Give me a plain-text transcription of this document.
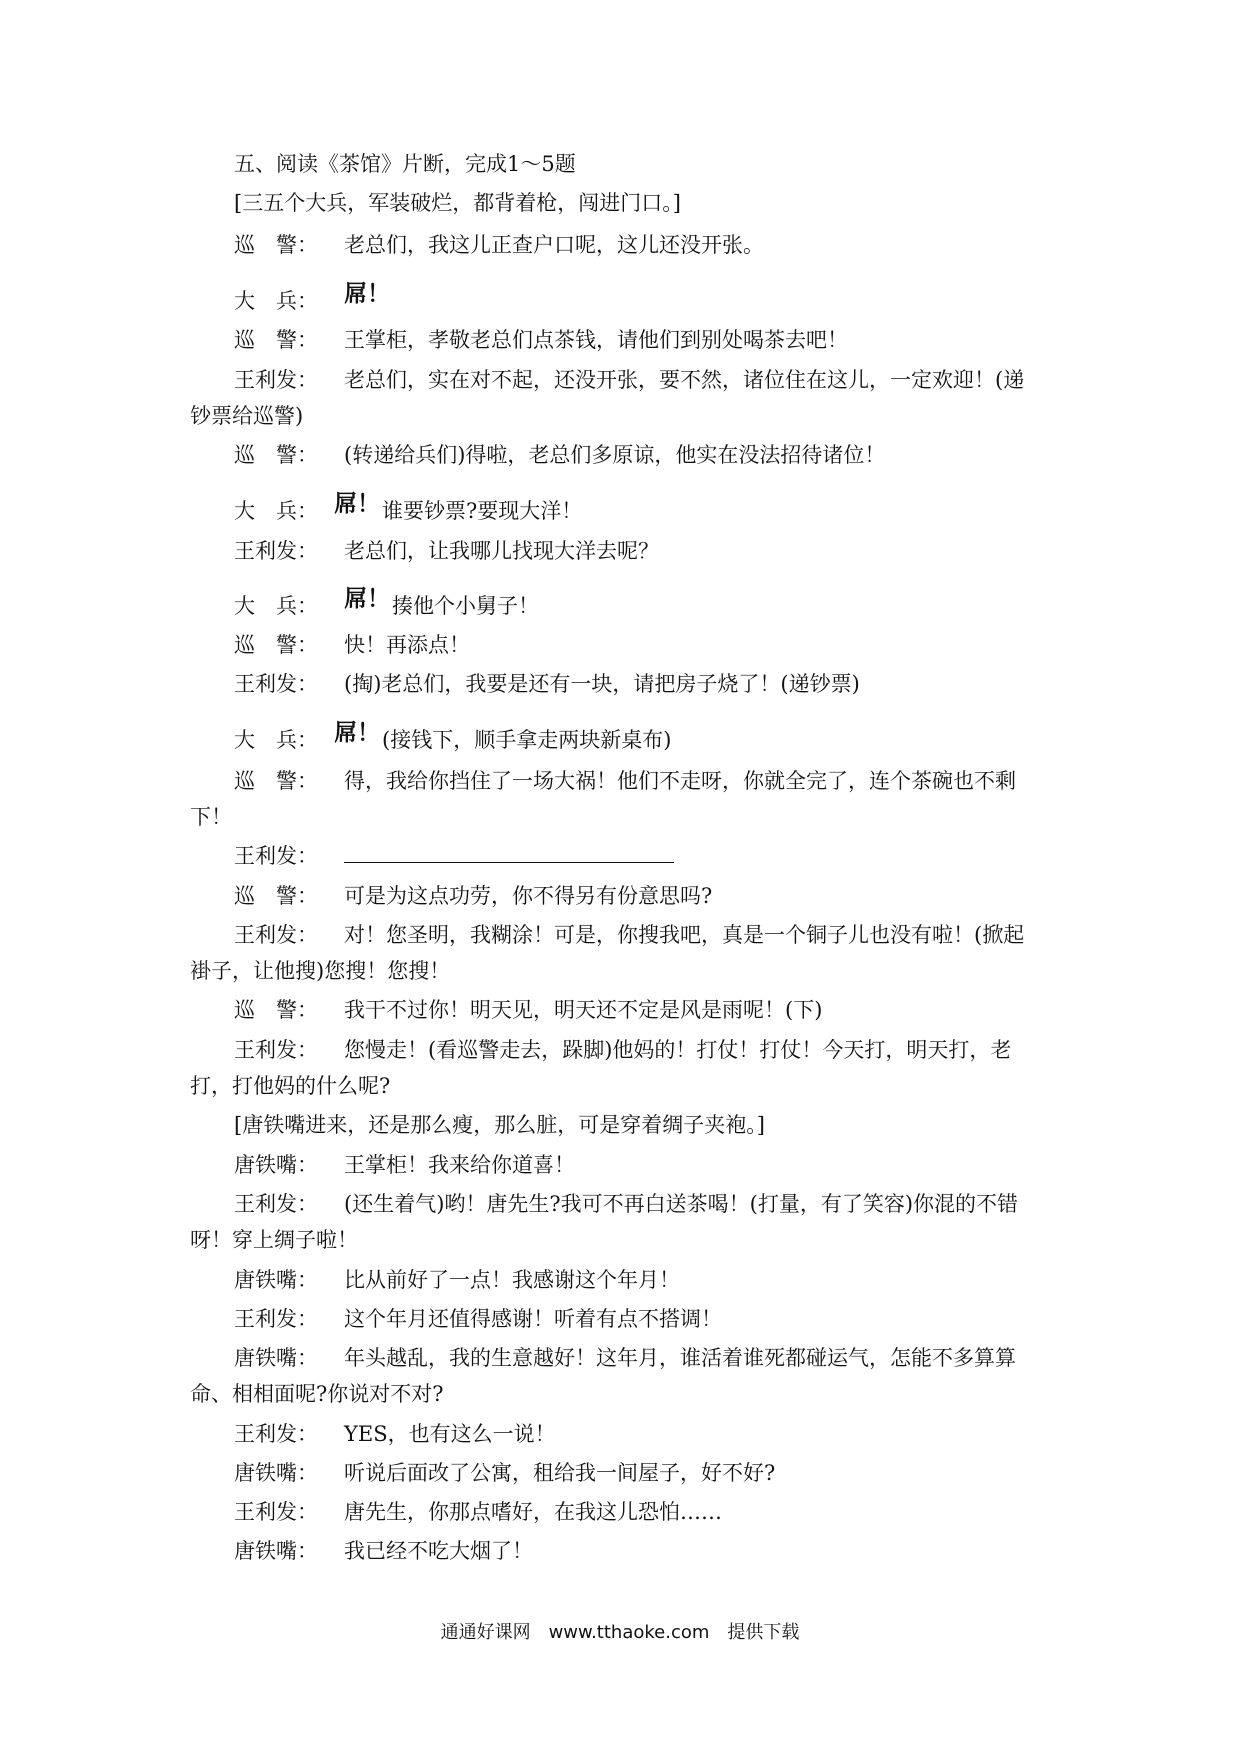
五、阅读《茶馆》片断，完成1～5题
[三五个大兵，军装破烂，都背着枪，闯进门口。]
巡　警： 老总们，我这儿正查户口呢，这儿还没开张。
大　兵： 屌！
巡　警： 王掌柜，孝敬老总们点茶钱，请他们到别处喝茶去吧！
王利发： 老总们，实在对不起，还没开张，要不然，诸位住在这儿，一定欢迎！(递
钞票给巡警)
巡　警： (转递给兵们)得啦，老总们多原谅，他实在没法招待诸位！
大　兵： 屌！谁要钞票?要现大洋！
王利发： 老总们，让我哪儿找现大洋去呢？
大　兵： 屌！揍他个小舅子！
巡　警： 快！再添点！
王利发： (掏)老总们，我要是还有一块，请把房子烧了！(递钞票)
大　兵： 屌！(接钱下，顺手拿走两块新桌布)
巡　警： 得，我给你挡住了一场大祸！他们不走呀，你就全完了，连个茶碗也不剩
下！
王利发：
巡　警： 可是为这点功劳，你不得另有份意思吗?
王利发： 对！您圣明，我糊涂！可是，你搜我吧，真是一个铜子儿也没有啦！(掀起
褂子，让他搜)您搜！您搜！
巡　警： 我干不过你！明天见，明天还不定是风是雨呢！(下)
王利发： 您慢走！(看巡警走去，跺脚)他妈的！打仗！打仗！今天打，明天打，老
打，打他妈的什么呢?
[唐铁嘴进来，还是那么瘦，那么脏，可是穿着绸子夹袍。]
唐铁嘴： 王掌柜！我来给你道喜！
王利发： (还生着气)哟！唐先生?我可不再白送茶喝！(打量，有了笑容)你混的不错
呀！穿上绸子啦！
唐铁嘴： 比从前好了一点！我感谢这个年月！
王利发： 这个年月还值得感谢！听着有点不搭调！
唐铁嘴： 年头越乱，我的生意越好！这年月，谁活着谁死都碰运气，怎能不多算算
命、相相面呢?你说对不对?
王利发： YES，也有这么一说！
唐铁嘴： 听说后面改了公寓，租给我一间屋子，好不好?
王利发： 唐先生，你那点嗜好，在我这儿恐怕……
唐铁嘴： 我已经不吃大烟了！
通通好课网　www.tthaoke.com　提供下载
